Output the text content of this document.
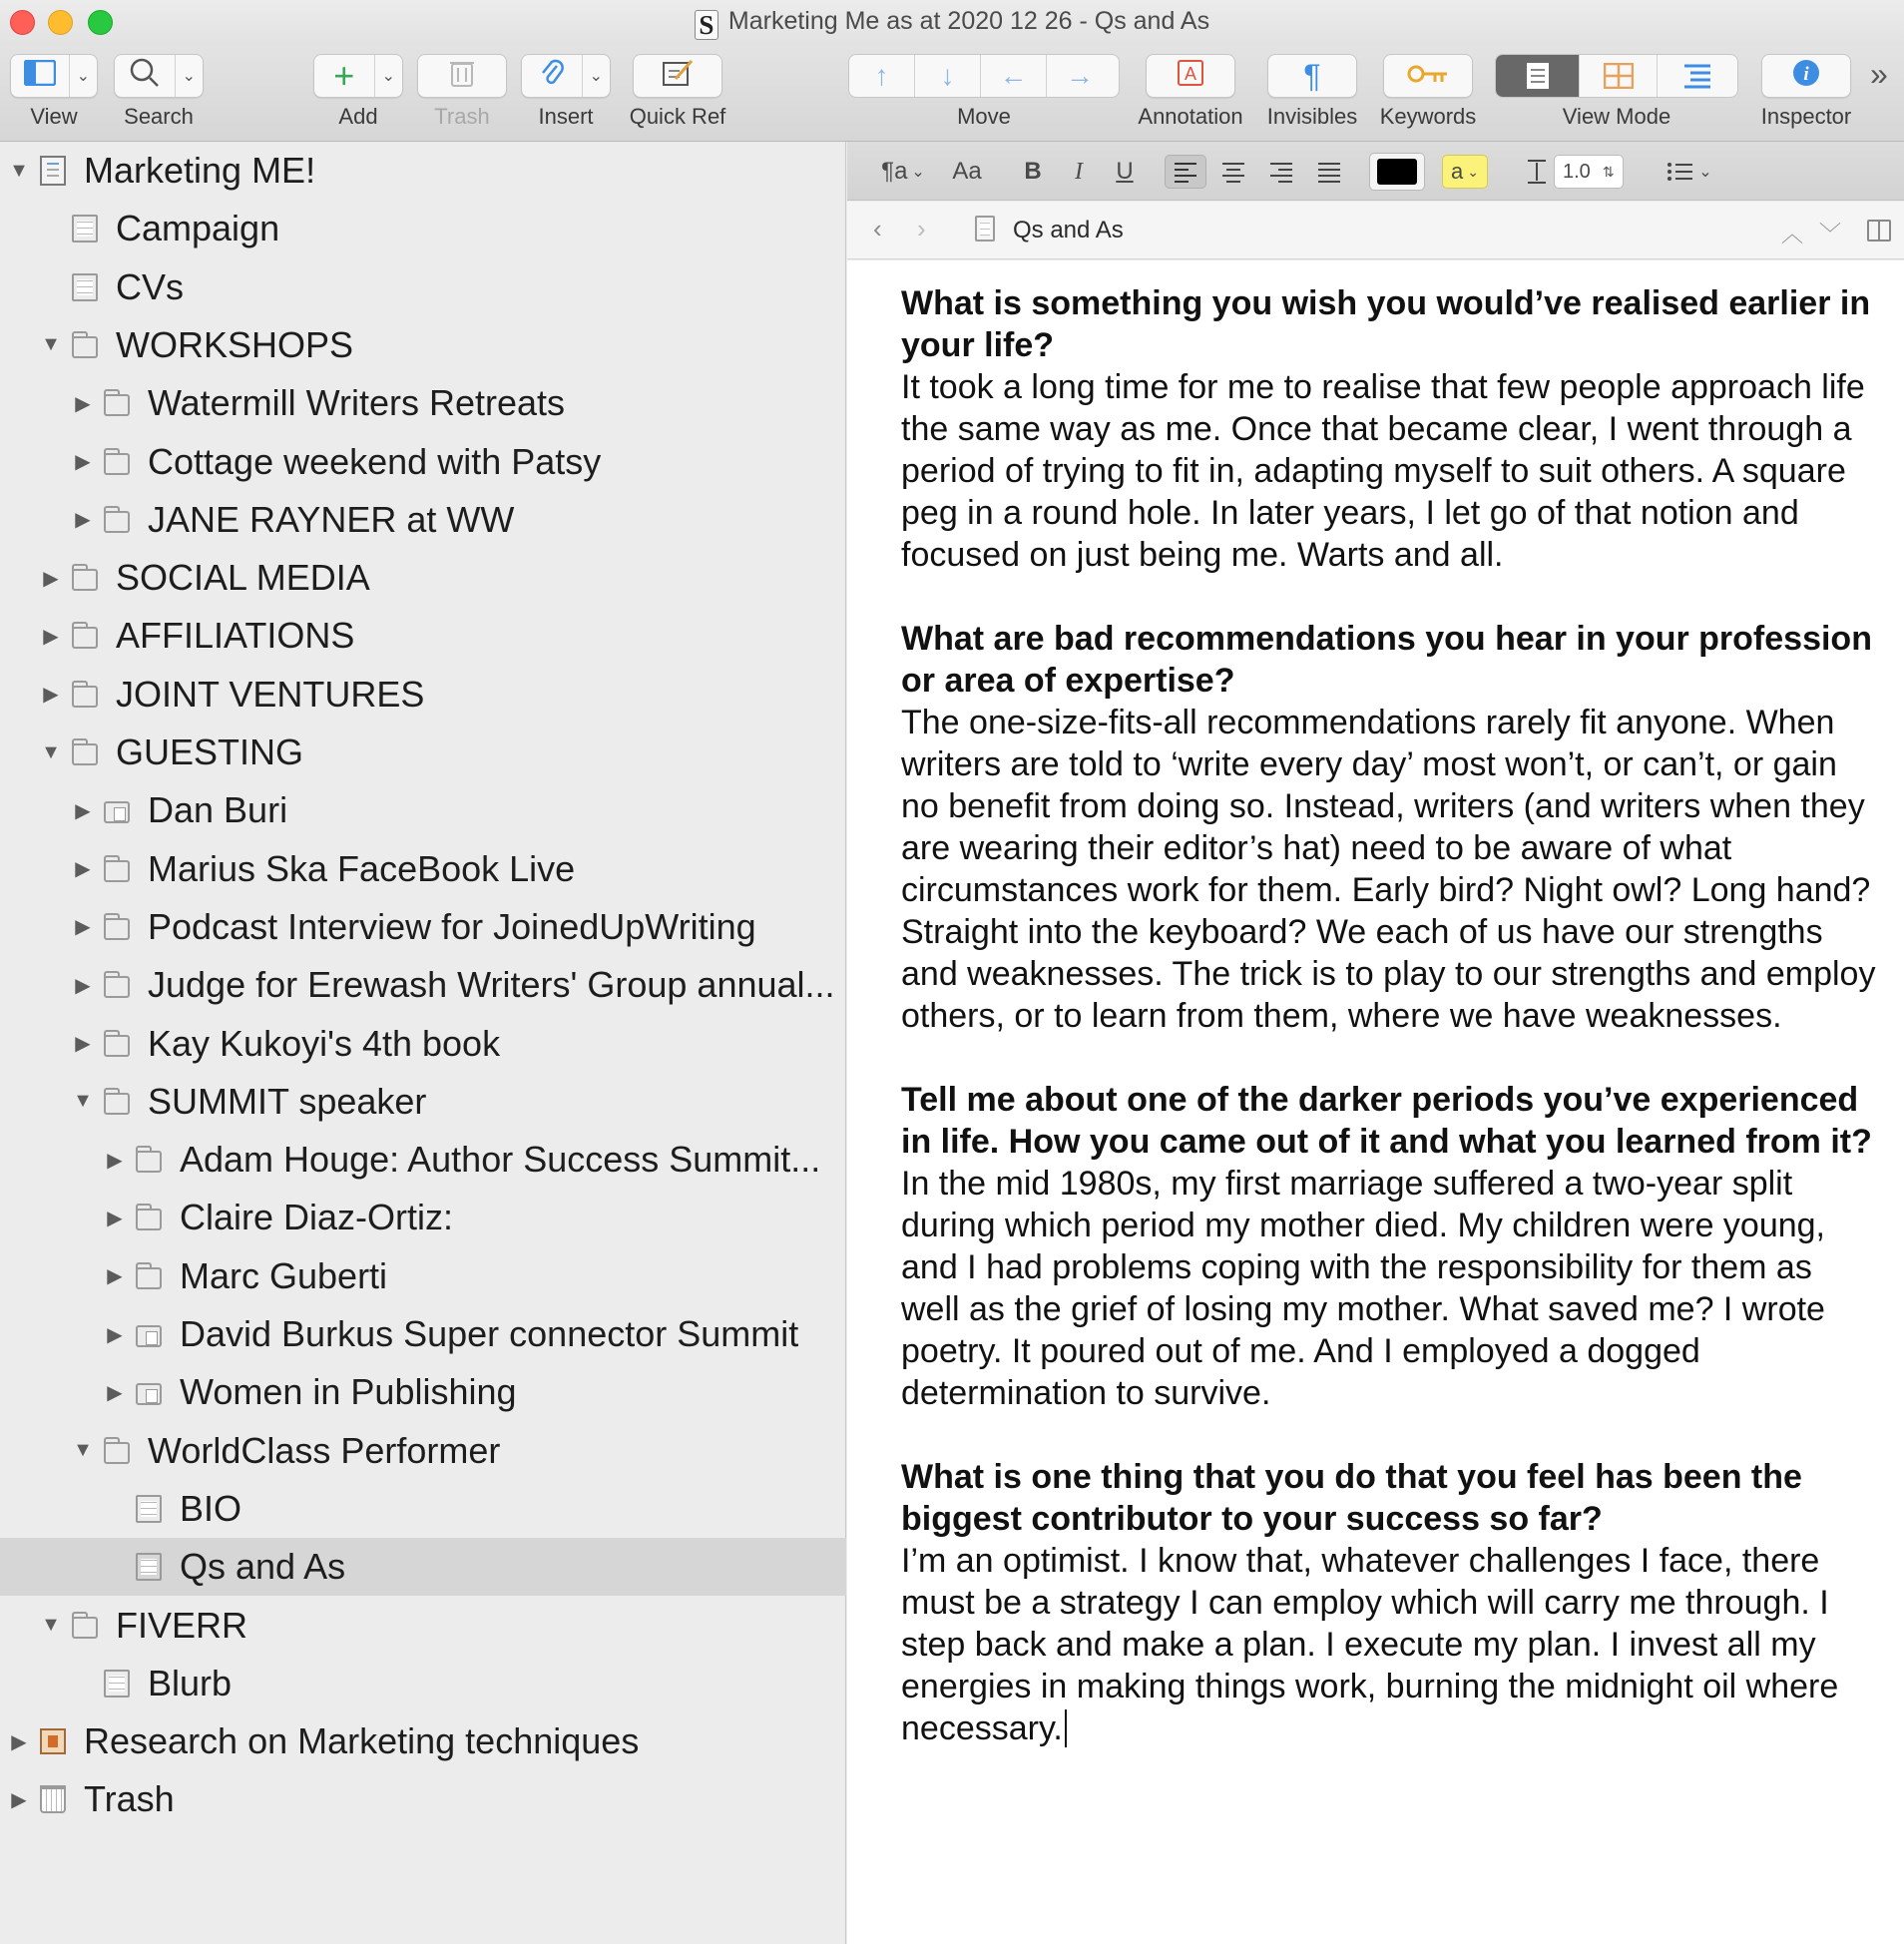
S Marketing Me as at 2020 12 26 - Qs and As
⌄
View
⌄
Search
+	⌄
Add	Trash
⌄
Insert	Quick Ref
↑	↓	←	→
Move
A
Annotation
¶
Invisibles	Keywords	View Mode
i
Inspector
»
▼ Marketing ME!
Campaign
CVs
▼ WORKSHOPS
▶ Watermill Writers Retreats
▶ Cottage weekend with Patsy
▶ JANE RAYNER at WW
▶ SOCIAL MEDIA
▶ AFFILIATIONS
▶ JOINT VENTURES
▼ GUESTING
▶ Dan Buri
▶ Marius Ska FaceBook Live
▶ Podcast Interview for JoinedUpWriting
▶ Judge for Erewash Writers' Group annual...
▶ Kay Kukoyi's 4th book
▼ SUMMIT speaker
▶ Adam Houge: Author Success Summit...
▶ Claire Diaz-Ortiz:
▶ Marc Guberti
▶ David Burkus Super connector Summit
▶ Women in Publishing
▼ WorldClass Performer
BIO
Qs and As
▼ FIVERR
Blurb
▶ Research on Marketing techniques
▶ Trash
¶a ⌄	Aa	B	I	U	a ⌄	1.0 ⇅	⌄
‹ ›	Qs and As	︿ ﹀
What is something you wish you would’ve realised earlier in your life?
It took a long time for me to realise that few people approach life the same way as me. Once that became clear, I went through a period of trying to fit in, adapting myself to suit others. A square peg in a round hole. In later years, I let go of that notion and focused on just being me. Warts and all.
What are bad recommendations you hear in your profession or area of expertise?
The one-size-fits-all recommendations rarely fit anyone. When writers are told to ‘write every day’ most won’t, or can’t, or gain no benefit from doing so. Instead, writers (and writers when they are wearing their editor’s hat) need to be aware of what circumstances work for them. Early bird? Night owl? Long hand? Straight into the keyboard? We each of us have our strengths and weaknesses. The trick is to play to our strengths and employ others, or to learn from them, where we have weaknesses.
Tell me about one of the darker periods you’ve experienced in life. How you came out of it and what you learned from it?
In the mid 1980s, my first marriage suffered a two-year split during which period my mother died. My children were young, and I had problems coping with the responsibility for them as well as the grief of losing my mother. What saved me? I wrote poetry. It poured out of me. And I employed a dogged determination to survive.
What is one thing that you do that you feel has been the biggest contributor to your success so far?
I’m an optimist. I know that, whatever challenges I face, there must be a strategy I can employ which will carry me through. I step back and make a plan. I execute my plan. I invest all my energies in making things work, burning the midnight oil where necessary.
